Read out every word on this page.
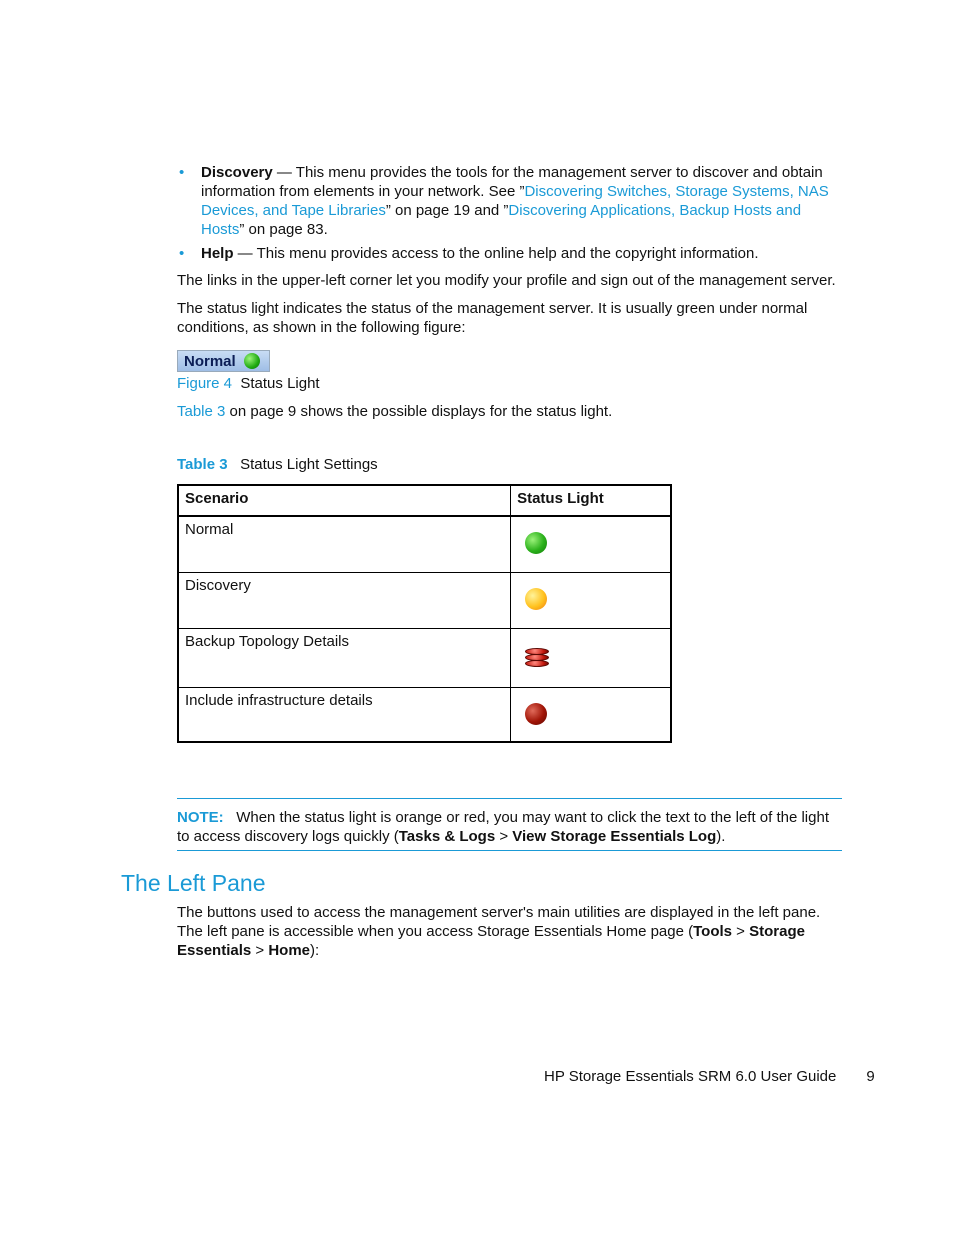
• Discovery — This menu provides the tools for the management server to discover and obtain information from elements in your network. See ”Discovering Switches, Storage Systems, NAS Devices, and Tape Libraries” on page 19 and ”Discovering Applications, Backup Hosts and Hosts” on page 83.
• Help — This menu provides access to the online help and the copyright information.
The links in the upper-left corner let you modify your profile and sign out of the management server.
The status light indicates the status of the management server. It is usually green under normal conditions, as shown in the following figure:
Normal
Figure 4 Status Light
Table 3 on page 9 shows the possible displays for the status light.
Table 3 Status Light Settings
Scenario	Status Light
Normal	

Discovery	

Backup Topology Details	

Include infrastructure details	
NOTE: When the status light is orange or red, you may want to click the text to the left of the light to access discovery logs quickly (Tasks & Logs > View Storage Essentials Log).
The Left Pane
The buttons used to access the management server's main utilities are displayed in the left pane. The left pane is accessible when you access Storage Essentials Home page (Tools > Storage Essentials > Home):
HP Storage Essentials SRM 6.0 User Guide 9
